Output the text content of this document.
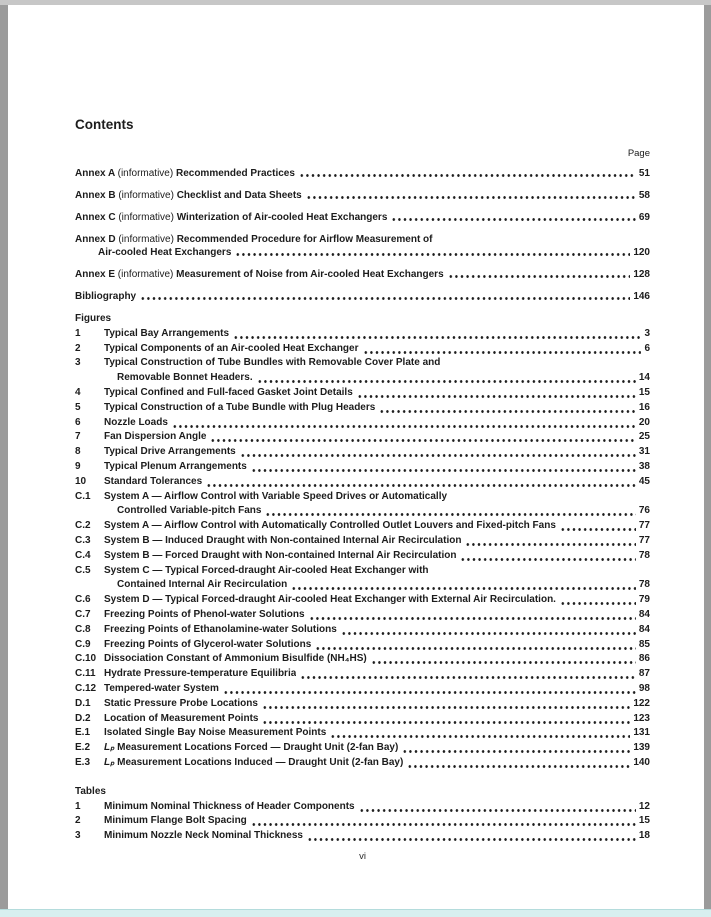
Contents
Page
Annex A (informative) Recommended Practices	51
Annex B (informative) Checklist and Data Sheets	58
Annex C (informative) Winterization of Air-cooled Heat Exchangers	69
Annex D (informative) Recommended Procedure for Airflow Measurement of
Air-cooled Heat Exchangers	120
Annex E (informative) Measurement of Noise from Air-cooled Heat Exchangers	128
Bibliography	146
Figures
1	Typical Bay Arrangements	3
2	Typical Components of an Air-cooled Heat Exchanger	6
3	Typical Construction of Tube Bundles with Removable Cover Plate and
Removable Bonnet Headers.	14
4	Typical Confined and Full-faced Gasket Joint Details	15
5	Typical Construction of a Tube Bundle with Plug Headers	16
6	Nozzle Loads	20
7	Fan Dispersion Angle	25
8	Typical Drive Arrangements	31
9	Typical Plenum Arrangements	38
10	Standard Tolerances	45
C.1	System A — Airflow Control with Variable Speed Drives or Automatically
Controlled Variable-pitch Fans	76
C.2	System A — Airflow Control with Automatically Controlled Outlet Louvers and Fixed-pitch Fans	77
C.3	System B — Induced Draught with Non-contained Internal Air Recirculation	77
C.4	System B — Forced Draught with Non-contained Internal Air Recirculation	78
C.5	System C — Typical Forced-draught Air-cooled Heat Exchanger with
Contained Internal Air Recirculation	78
C.6	System D — Typical Forced-draught Air-cooled Heat Exchanger with External Air Recirculation.	79
C.7	Freezing Points of Phenol-water Solutions	84
C.8	Freezing Points of Ethanolamine-water Solutions	84
C.9	Freezing Points of Glycerol-water Solutions	85
C.10 Dissociation Constant of Ammonium Bisulfide (NH₄HS)	86
C.11 Hydrate Pressure-temperature Equilibria	87
C.12 Tempered-water System	98
D.1	Static Pressure Probe Locations	122
D.2	Location of Measurement Points	123
E.1	Isolated Single Bay Noise Measurement Points	131
E.2	Lₚ Measurement Locations Forced — Draught Unit (2-fan Bay)	139
E.3	Lₚ Measurement Locations Induced — Draught Unit (2-fan Bay)	140
Tables
1	Minimum Nominal Thickness of Header Components	12
2	Minimum Flange Bolt Spacing	15
3	Minimum Nozzle Neck Nominal Thickness	18
vi
